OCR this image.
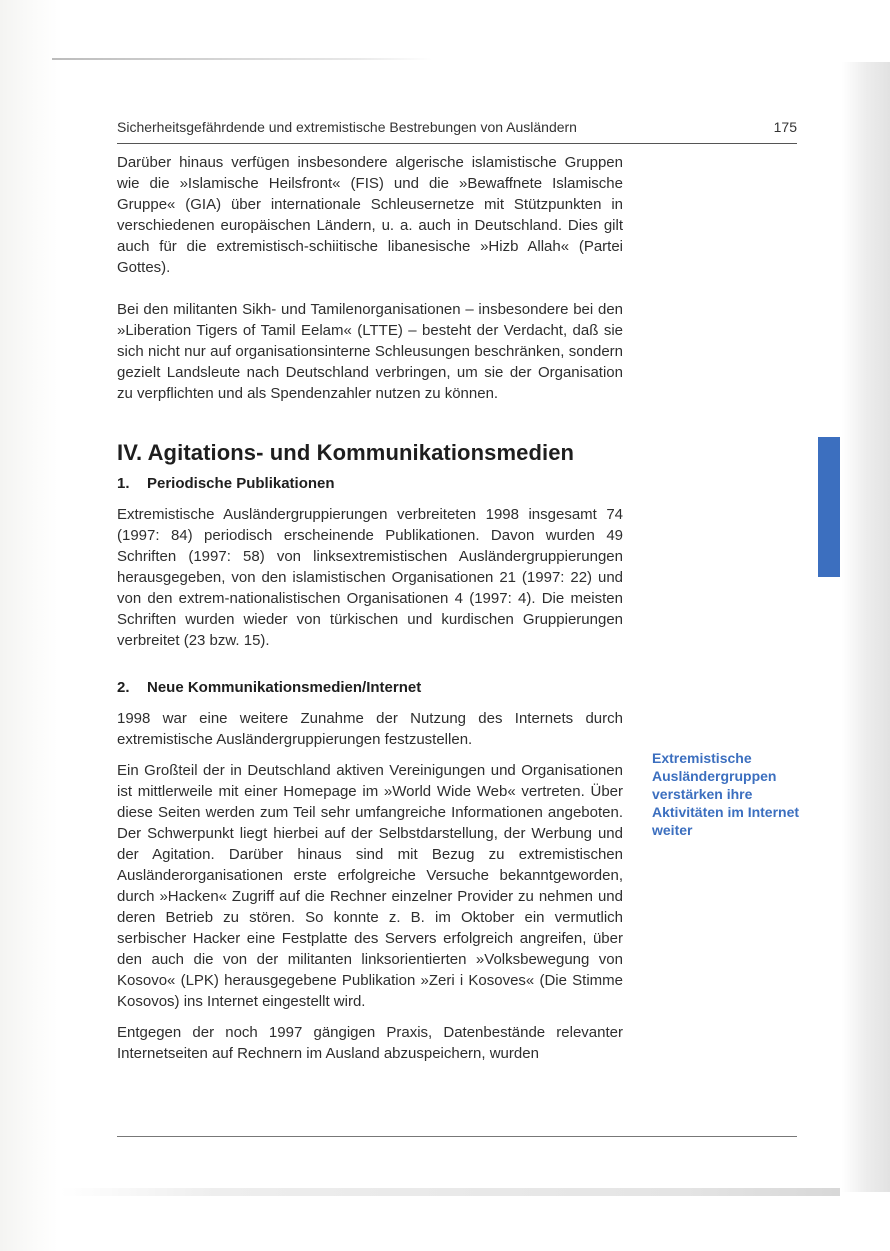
Sicherheitsgefährdende und extremistische Bestrebungen von Ausländern	175

Darüber hinaus verfügen insbesondere algerische islamistische Gruppen wie die »Islamische Heilsfront« (FIS) und die »Bewaffnete Islamische Gruppe« (GIA) über internationale Schleusernetze mit Stützpunkten in verschiedenen europäischen Ländern, u. a. auch in Deutschland. Dies gilt auch für die extremistisch-schiitische libanesische »Hizb Allah« (Partei Gottes).

Bei den militanten Sikh- und Tamilenorganisationen – insbesondere bei den »Liberation Tigers of Tamil Eelam« (LTTE) – besteht der Verdacht, daß sie sich nicht nur auf organisationsinterne Schleusungen beschränken, sondern gezielt Landsleute nach Deutschland verbringen, um sie der Organisation zu verpflichten und als Spendenzahler nutzen zu können.

IV. Agitations- und Kommunikationsmedien
1. Periodische Publikationen

Extremistische Ausländergruppierungen verbreiteten 1998 insgesamt 74 (1997: 84) periodisch erscheinende Publikationen. Davon wurden 49 Schriften (1997: 58) von linksextremistischen Ausländergruppierungen herausgegeben, von den islamistischen Organisationen 21 (1997: 22) und von den extrem-nationalistischen Organisationen 4 (1997: 4). Die meisten Schriften wurden wieder von türkischen und kurdischen Gruppierungen verbreitet (23 bzw. 15).

2. Neue Kommunikationsmedien/Internet

1998 war eine weitere Zunahme der Nutzung des Internets durch extremistische Ausländergruppierungen festzustellen.

Ein Großteil der in Deutschland aktiven Vereinigungen und Organisationen ist mittlerweile mit einer Homepage im »World Wide Web« vertreten. Über diese Seiten werden zum Teil sehr umfangreiche Informationen angeboten. Der Schwerpunkt liegt hierbei auf der Selbstdarstellung, der Werbung und der Agitation. Darüber hinaus sind mit Bezug zu extremistischen Ausländerorganisationen erste erfolgreiche Versuche bekanntgeworden, durch »Hacken« Zugriff auf die Rechner einzelner Provider zu nehmen und deren Betrieb zu stören. So konnte z. B. im Oktober ein vermutlich serbischer Hacker eine Festplatte des Servers erfolgreich angreifen, über den auch die von der militanten linksorientierten »Volksbewegung von Kosovo« (LPK) herausgegebene Publikation »Zeri i Kosoves« (Die Stimme Kosovos) ins Internet eingestellt wird.

Entgegen der noch 1997 gängigen Praxis, Datenbestände relevanter Internetseiten auf Rechnern im Ausland abzuspeichern, wurden

Extremistische Ausländergruppen verstärken ihre Aktivitäten im Internet weiter
